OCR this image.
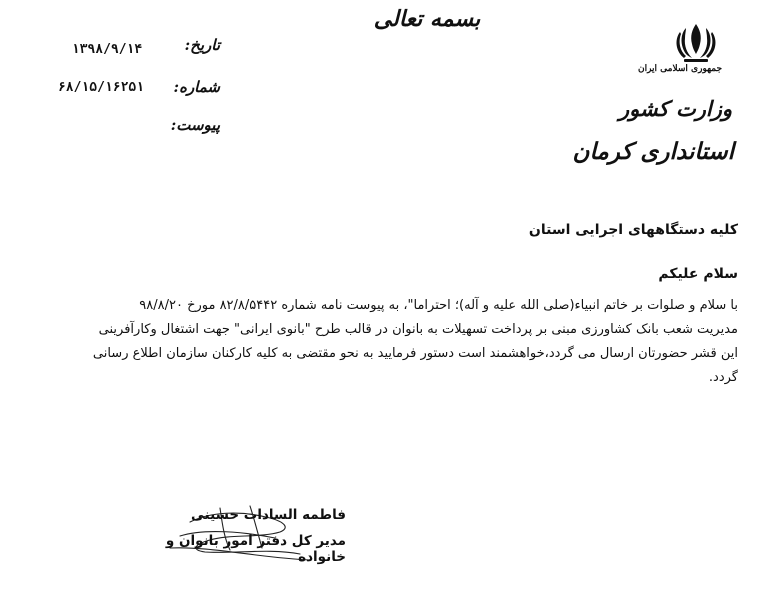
بسمه تعالی
جمهوری اسلامی ایران
وزارت کشور
استانداری کرمان
تاریخ:
۱۳۹۸/۹/۱۴
شماره:
۶۸/۱۵/۱۶۲۵۱
پیوست:
کلیه دستگاههای اجرایی استان
سلام علیکم
با سلام و صلوات بر خاتم انبیاء(صلی الله علیه و آله)؛ احتراما"، به پیوست نامه شماره ۸۲/۸/۵۴۴۲ مورخ ۹۸/۸/۲۰
مدیریت شعب بانک کشاورزی مبنی بر پرداخت تسهیلات به بانوان در قالب طرح "بانوی ایرانی" جهت اشتغال وکارآفرینی
این قشر حضورتان ارسال می گردد،خواهشمند است دستور فرمایید به نحو مقتضی به کلیه کارکنان سازمان اطلاع رسانی
گردد.
فاطمه السادات حسینی
مدیر کل دفتر امور بانوان و خانواده
